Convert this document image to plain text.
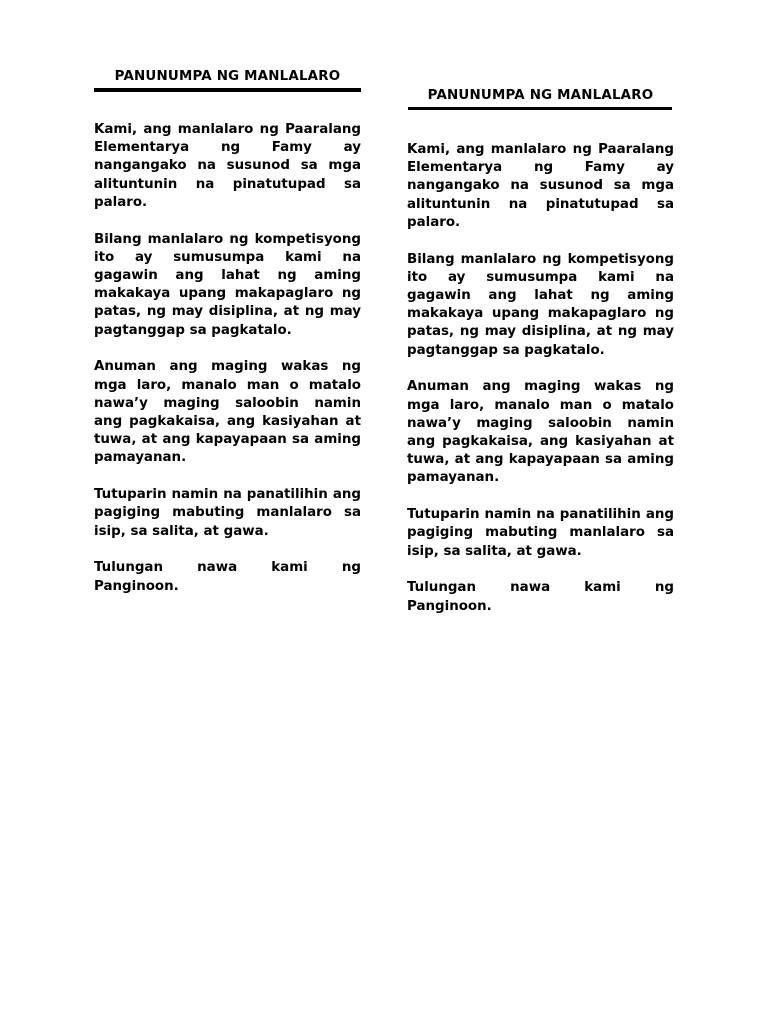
PANUNUMPA NG MANLALARO

Kami, ang manlalaro ng Paaralang Elementarya ng Famy ay nangangako na susunod sa mga alituntunin na pinatutupad sa palaro.

Bilang manlalaro ng kompetisyong ito ay sumusumpa kami na gagawin ang lahat ng aming makakaya upang makapaglaro ng patas, ng may disiplina, at ng may pagtanggap sa pagkatalo.

Anuman ang maging wakas ng mga laro, manalo man o matalo nawa’y maging saloobin namin ang pagkakaisa, ang kasiyahan at tuwa, at ang kapayapaan sa aming pamayanan.

Tutuparin namin na panatilihin ang pagiging mabuting manlalaro sa isip, sa salita, at gawa.

Tulungan nawa kami ng Panginoon.

PANUNUMPA NG MANLALARO

Kami, ang manlalaro ng Paaralang Elementarya ng Famy ay nangangako na susunod sa mga alituntunin na pinatutupad sa palaro.

Bilang manlalaro ng kompetisyong ito ay sumusumpa kami na gagawin ang lahat ng aming makakaya upang makapaglaro ng patas, ng may disiplina, at ng may pagtanggap sa pagkatalo.

Anuman ang maging wakas ng mga laro, manalo man o matalo nawa’y maging saloobin namin ang pagkakaisa, ang kasiyahan at tuwa, at ang kapayapaan sa aming pamayanan.

Tutuparin namin na panatilihin ang pagiging mabuting manlalaro sa isip, sa salita, at gawa.

Tulungan nawa kami ng Panginoon.
